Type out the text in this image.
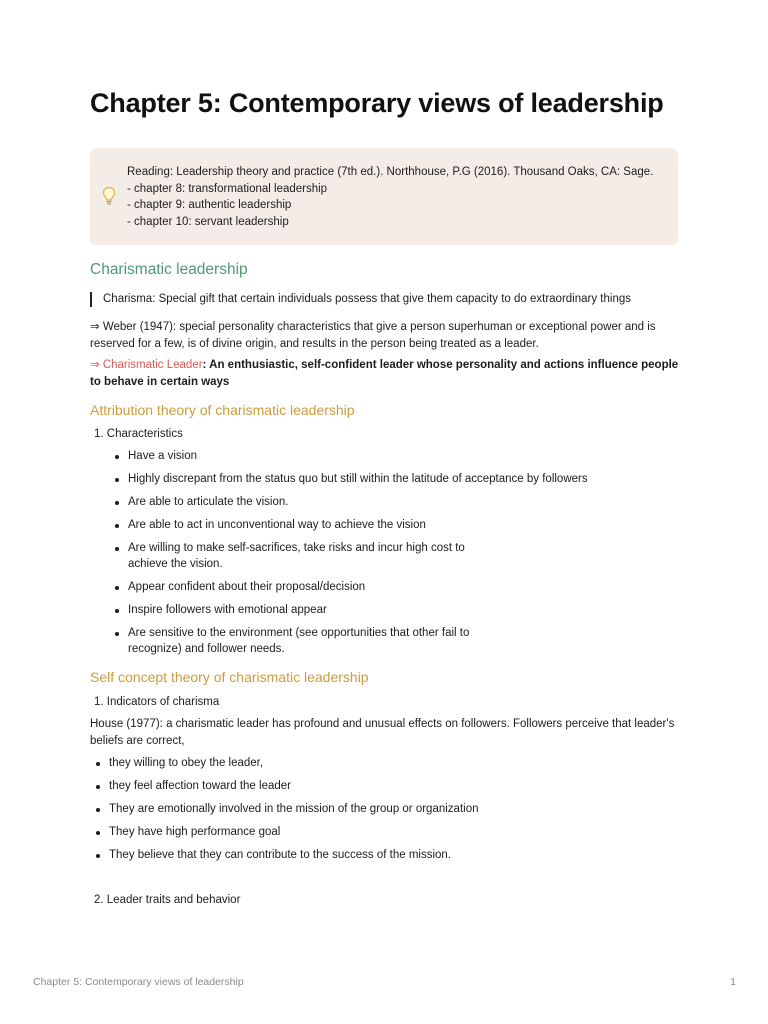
Chapter 5: Contemporary views of leadership
Reading: Leadership theory and practice (7th ed.). Northhouse, P.G (2016). Thousand Oaks, CA: Sage.
- chapter 8: transformational leadership
- chapter 9: authentic leadership
- chapter 10: servant leadership
Charismatic leadership
Charisma: Special gift that certain individuals possess that give them capacity to do extraordinary things
⇒ Weber (1947): special personality characteristics that give a person superhuman or exceptional power and is reserved for a few, is of divine origin, and results in the person being treated as a leader.
⇒ Charismatic Leader: An enthusiastic, self-confident leader whose personality and actions influence people to behave in certain ways
Attribution theory of charismatic leadership
1. Characteristics
Have a vision
Highly discrepant from the status quo but still within the latitude of acceptance by followers
Are able to articulate the vision.
Are able to act in unconventional way to achieve the vision
Are willing to make self-sacrifices, take risks and incur high cost to achieve the vision.
Appear confident about their proposal/decision
Inspire followers with emotional appear
Are sensitive to the environment (see opportunities that other fail to recognize) and follower needs.
Self concept theory of charismatic leadership
1. Indicators of charisma
House (1977): a charismatic leader has profound and unusual effects on followers. Followers perceive that leader's beliefs are correct,
they willing to obey the leader,
they feel affection toward the leader
They are emotionally involved in the mission of the group or organization
They have high performance goal
They believe that they can contribute to the success of the mission.
2. Leader traits and behavior
Chapter 5: Contemporary views of leadership	1
